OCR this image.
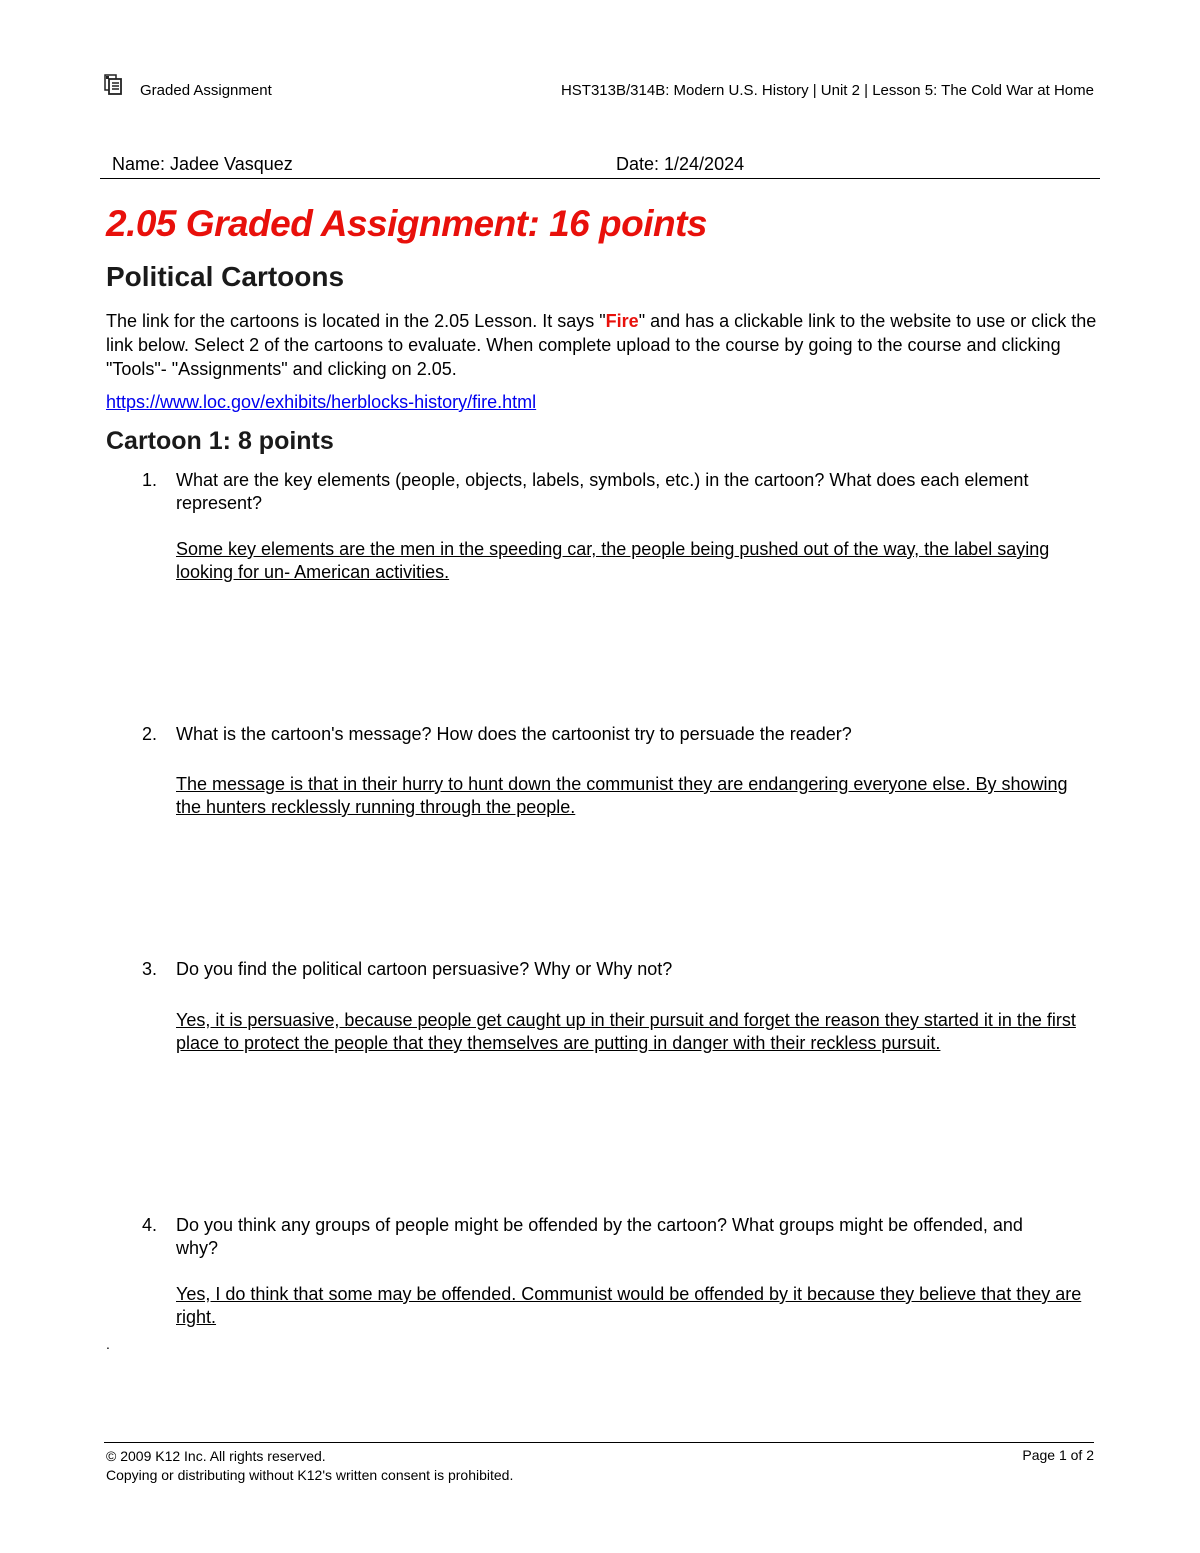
Graded Assignment	HST313B/314B: Modern U.S. History | Unit 2 | Lesson 5: The Cold War at Home
Name: Jadee Vasquez	Date: 1/24/2024
2.05 Graded Assignment: 16 points
Political Cartoons
The link for the cartoons is located in the 2.05 Lesson. It says "Fire" and has a clickable link to the website to use or click the link below. Select 2 of the cartoons to evaluate. When complete upload to the course by going to the course and clicking "Tools"- "Assignments" and clicking on 2.05.
https://www.loc.gov/exhibits/herblocks-history/fire.html
Cartoon 1: 8 points
1.	What are the key elements (people, objects, labels, symbols, etc.) in the cartoon? What does each element represent?
Some key elements are the men in the speeding car, the people being pushed out of the way, the label saying looking for un- American activities.
2.	What is the cartoon's message? How does the cartoonist try to persuade the reader?
The message is that in their hurry to hunt down the communist they are endangering everyone else. By showing the hunters recklessly running through the people.
3.	Do you find the political cartoon persuasive? Why or Why not?
Yes, it is persuasive, because people get caught up in their pursuit and forget the reason they started it in the first place to protect the people that they themselves are putting in danger with their reckless pursuit.
4.	Do you think any groups of people might be offended by the cartoon? What groups might be offended, and why?
Yes, I do think that some may be offended. Communist would be offended by it because they believe that they are right.
.
© 2009 K12 Inc. All rights reserved.
Copying or distributing without K12's written consent is prohibited.
Page 1 of 2
